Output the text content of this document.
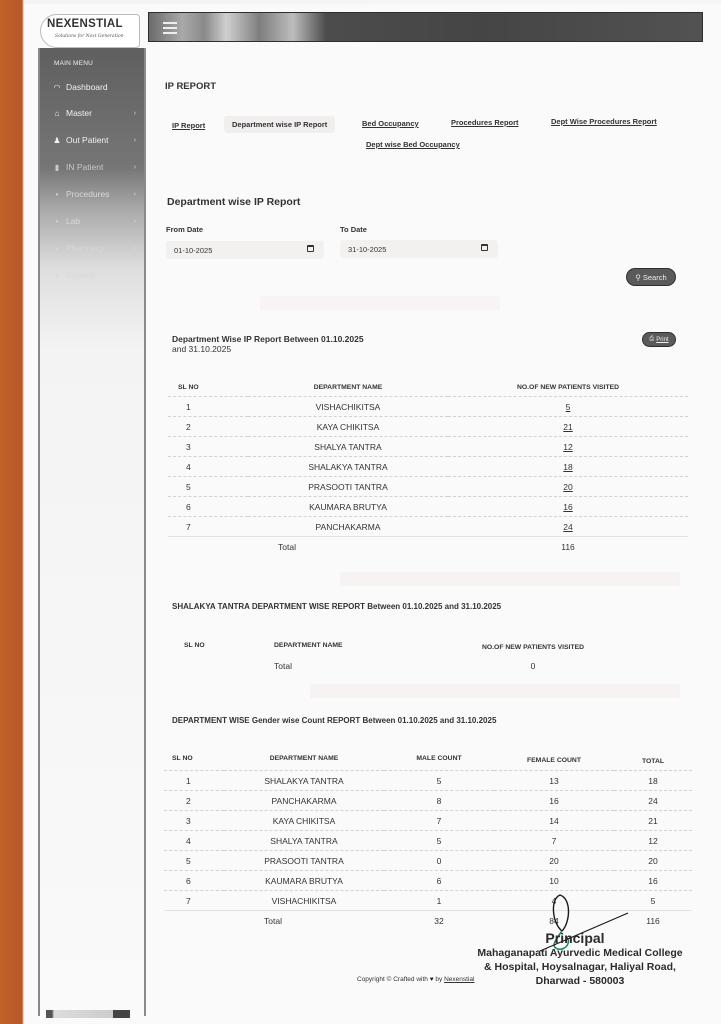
NEXENSTIAL
Solutions for Next Generation
MAIN MENU
◠ Dashboard
⌂ Master	›
♟ Out Patient	›
▮ IN Patient	›
• Procedures	›
• Lab	›
• Pharmacy	›
• Reports	›
IP REPORT
IP Report	Department wise IP Report	Bed Occupancy	Procedures Report	Dept Wise Procedures Report
Dept wise Bed Occupancy
Department wise IP Report
From Date
01-10-2025
To Date
31-10-2025
⚲ Search
Department Wise IP Report Between 01.10.2025
and 31.10.2025
⎙ Print
SL NO	DEPARTMENT NAME	NO.OF NEW PATIENTS VISITED
1	VISHACHIKITSA	5
2	KAYA CHIKITSA	21
3	SHALYA TANTRA	12
4	SHALAKYA TANTRA	18
5	PRASOOTI TANTRA	20
6	KAUMARA BRUTYA	16
7	PANCHAKARMA	24
	Total	116
SHALAKYA TANTRA DEPARTMENT WISE REPORT Between 01.10.2025 and 31.10.2025
SL NO	DEPARTMENT NAME	NO.OF NEW PATIENTS VISITED
	Total	0
DEPARTMENT WISE Gender wise Count REPORT Between 01.10.2025 and 31.10.2025
SL NO	DEPARTMENT NAME	MALE COUNT	FEMALE COUNT	TOTAL
1	SHALAKYA TANTRA	5	13	18
2	PANCHAKARMA	8	16	24
3	KAYA CHIKITSA	7	14	21
4	SHALYA TANTRA	5	7	12
5	PRASOOTI TANTRA	0	20	20
6	KAUMARA BRUTYA	6	10	16
7	VISHACHIKITSA	1	4	5
	Total	32	84	116
Principal
Mahaganapati Ayurvedic Medical College
& Hospital, Hoysalnagar, Haliyal Road,
Dharwad - 580003
Copyright © Crafted with ♥ by Nexenstial
